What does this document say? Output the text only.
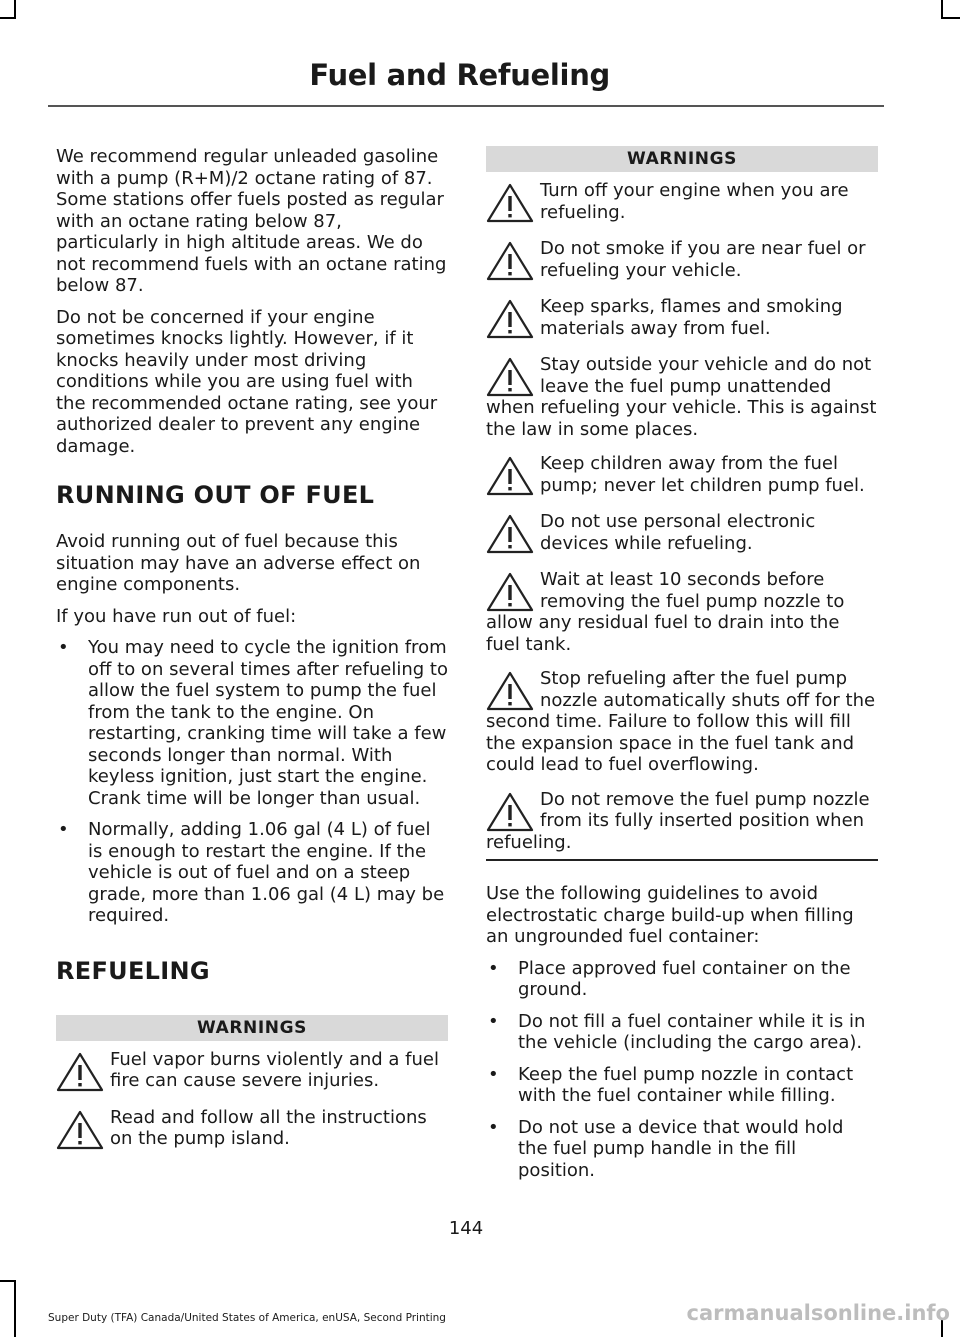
Fuel and Refueling

We recommend regular unleaded gasoline with a pump (R+M)/2 octane rating of 87. Some stations offer fuels posted as regular with an octane rating below 87, particularly in high altitude areas. We do not recommend fuels with an octane rating below 87.

Do not be concerned if your engine sometimes knocks lightly. However, if it knocks heavily under most driving conditions while you are using fuel with the recommended octane rating, see your authorized dealer to prevent any engine damage.

RUNNING OUT OF FUEL

Avoid running out of fuel because this situation may have an adverse effect on engine components.

If you have run out of fuel:

• You may need to cycle the ignition from off to on several times after refueling to allow the fuel system to pump the fuel from the tank to the engine. On restarting, cranking time will take a few seconds longer than normal. With keyless ignition, just start the engine. Crank time will be longer than usual.
• Normally, adding 1.06 gal (4 L) of fuel is enough to restart the engine. If the vehicle is out of fuel and on a steep grade, more than 1.06 gal (4 L) may be required.
REFUELING
WARNINGS
Fuel vapor burns violently and a fuel fire can cause severe injuries.
Read and follow all the instructions on the pump island.
WARNINGS
Turn off your engine when you are refueling.
Do not smoke if you are near fuel or refueling your vehicle.
Keep sparks, flames and smoking materials away from fuel.
Stay outside your vehicle and do not leave the fuel pump unattended when refueling your vehicle. This is against the law in some places.
Keep children away from the fuel pump; never let children pump fuel.
Do not use personal electronic devices while refueling.
Wait at least 10 seconds before removing the fuel pump nozzle to allow any residual fuel to drain into the fuel tank.
Stop refueling after the fuel pump nozzle automatically shuts off for the second time. Failure to follow this will fill the expansion space in the fuel tank and could lead to fuel overflowing.
Do not remove the fuel pump nozzle from its fully inserted position when refueling.

Use the following guidelines to avoid electrostatic charge build-up when filling an ungrounded fuel container:

• Place approved fuel container on the ground.
• Do not fill a fuel container while it is in the vehicle (including the cargo area).
• Keep the fuel pump nozzle in contact with the fuel container while filling.
• Do not use a device that would hold the fuel pump handle in the fill position.
144
Super Duty (TFA) Canada/United States of America, enUSA, Second Printing	carmanualsonline.info
